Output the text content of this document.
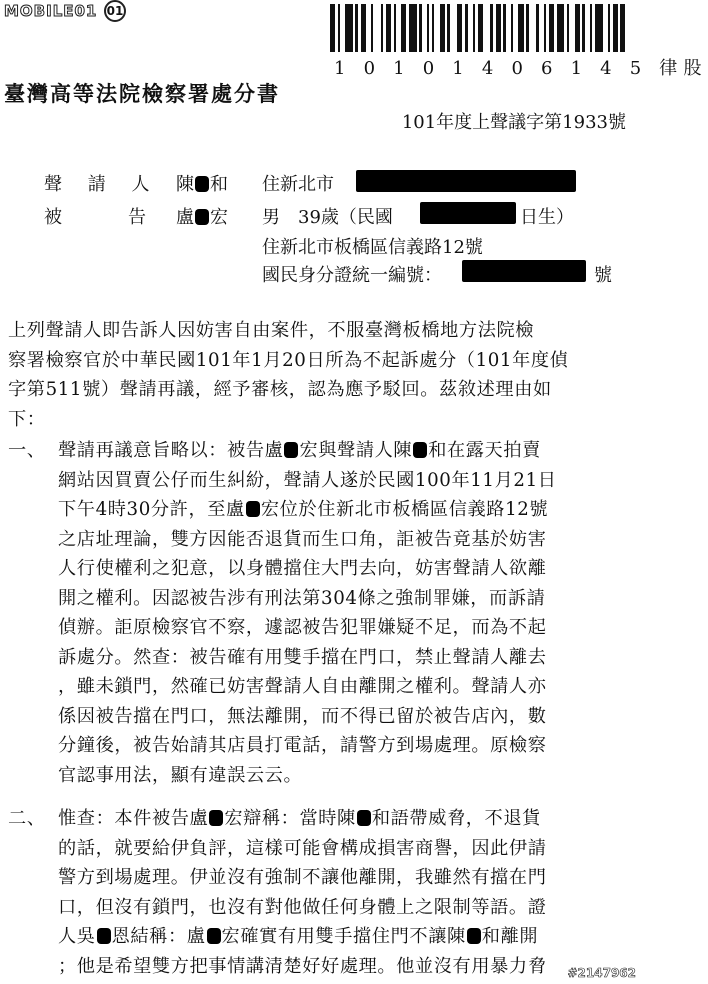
MOBILE01 01
1 0 1 0 1 4 0 6 1 4 5 律股
臺灣高等法院檢察署處分書
101年度上聲議字第1933號
聲 請 人 陳 和 住新北市
被　　告 盧 宏 男　39歲（民國	日生）
住新北市板橋區信義路12號
國民身分證統一編號：	號
上列聲請人即告訴人因妨害自由案件，不服臺灣板橋地方法院檢
察署檢察官於中華民國101年1月20日所為不起訴處分（101年度偵
字第511號）聲請再議，經予審核，認為應予駁回。茲敘述理由如
下：
一、 聲請再議意旨略以：被告盧 宏與聲請人陳 和在露天拍賣
網站因買賣公仔而生糾紛，聲請人遂於民國100年11月21日
下午4時30分許，至盧 宏位於住新北市板橋區信義路12號
之店址理論，雙方因能否退貨而生口角，詎被告竟基於妨害
人行使權利之犯意，以身體擋住大門去向，妨害聲請人欲離
開之權利。因認被告涉有刑法第304條之強制罪嫌，而訴請
偵辦。詎原檢察官不察，遽認被告犯罪嫌疑不足，而為不起
訴處分。然查：被告確有用雙手擋在門口，禁止聲請人離去
，雖未鎖門，然確已妨害聲請人自由離開之權利。聲請人亦
係因被告擋在門口，無法離開，而不得已留於被告店內，數
分鐘後，被告始請其店員打電話，請警方到場處理。原檢察
官認事用法，顯有違誤云云。
二、 惟查：本件被告盧 宏辯稱：當時陳 和語帶威脅，不退貨
的話，就要給伊負評，這樣可能會構成損害商譽，因此伊請
警方到場處理。伊並沒有強制不讓他離開，我雖然有擋在門
口，但沒有鎖門，也沒有對他做任何身體上之限制等語。證
人吳 恩結稱：盧 宏確實有用雙手擋住門不讓陳 和離開
；他是希望雙方把事情講清楚好好處理。他並沒有用暴力脅 #2147962
